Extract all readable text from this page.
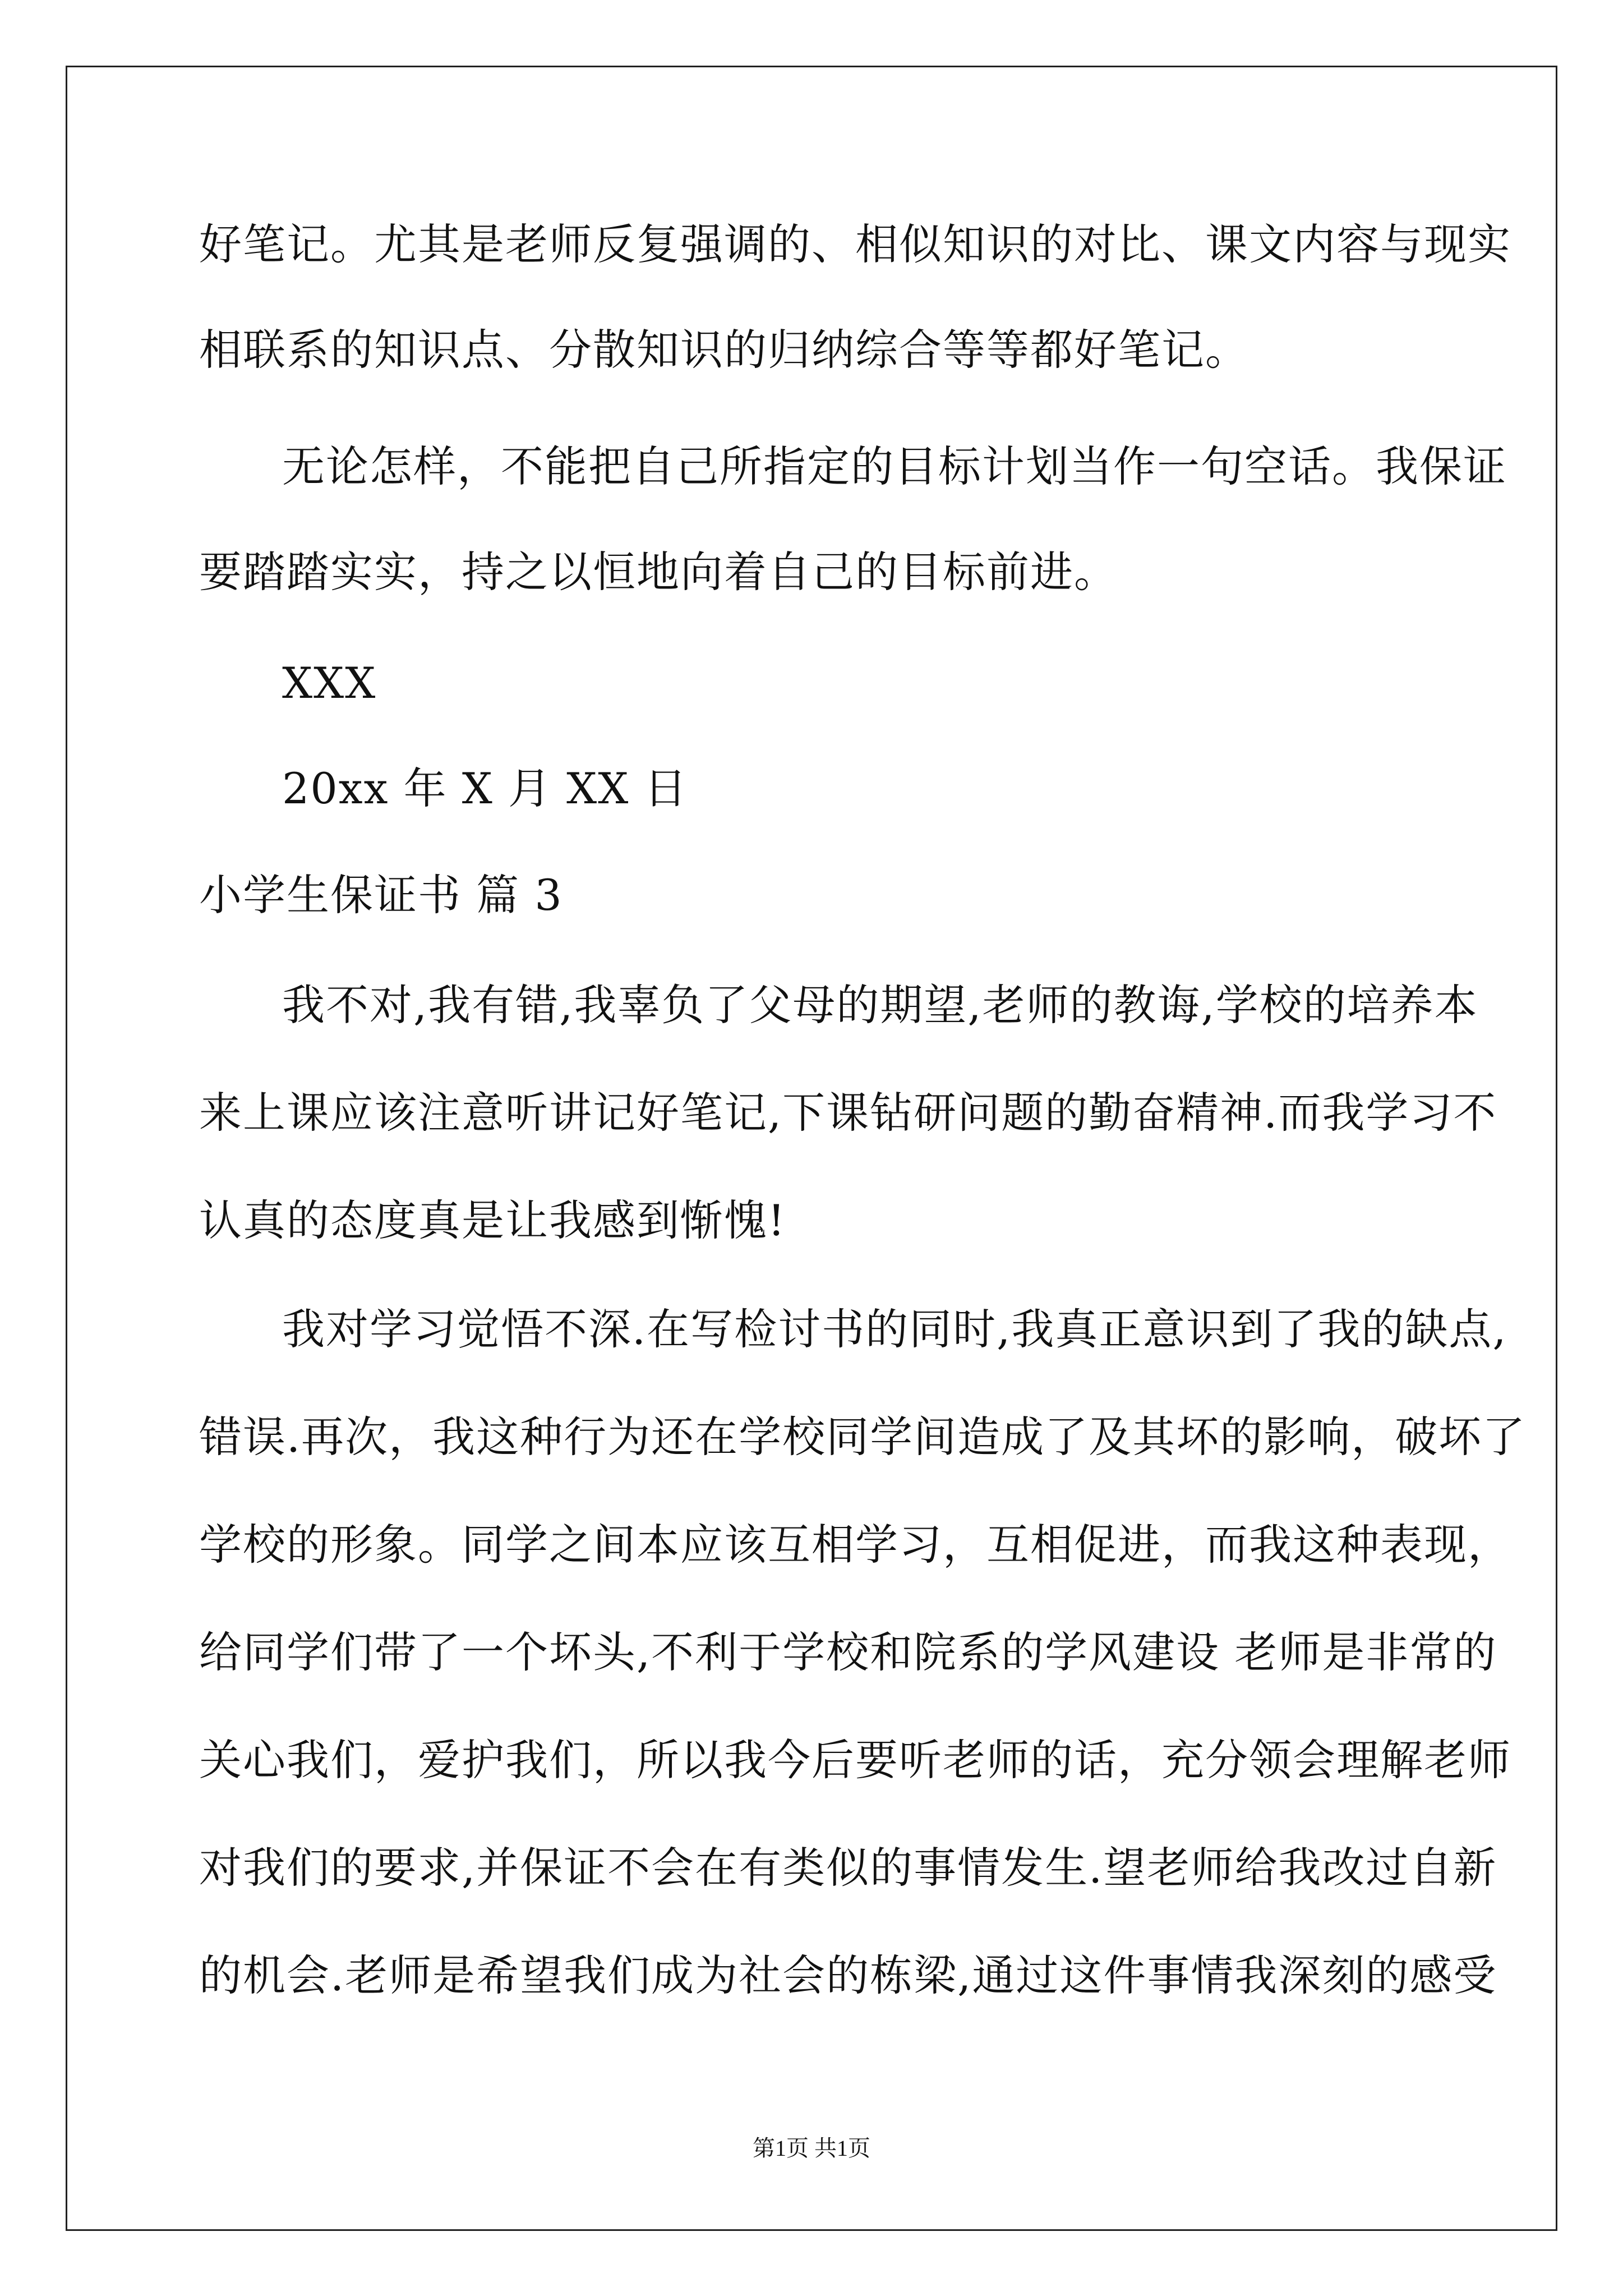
好笔记。尤其是老师反复强调的、相似知识的对比、课文内容与现实
相联系的知识点、分散知识的归纳综合等等都好笔记。
无论怎样，不能把自己所指定的目标计划当作一句空话。我保证
要踏踏实实，持之以恒地向着自己的目标前进。
XXX
20xx 年 X 月 XX 日
小学生保证书 篇 3
我不对,我有错,我辜负了父母的期望,老师的教诲,学校的培养本
来上课应该注意听讲记好笔记,下课钻研问题的勤奋精神.而我学习不
认真的态度真是让我感到惭愧!
我对学习觉悟不深.在写检讨书的同时,我真正意识到了我的缺点,
错误.再次，我这种行为还在学校同学间造成了及其坏的影响，破坏了
学校的形象。同学之间本应该互相学习，互相促进，而我这种表现，
给同学们带了一个坏头,不利于学校和院系的学风建设 老师是非常的
关心我们，爱护我们，所以我今后要听老师的话，充分领会理解老师
对我们的要求,并保证不会在有类似的事情发生.望老师给我改过自新
的机会.老师是希望我们成为社会的栋梁,通过这件事情我深刻的感受
第1页 共1页
